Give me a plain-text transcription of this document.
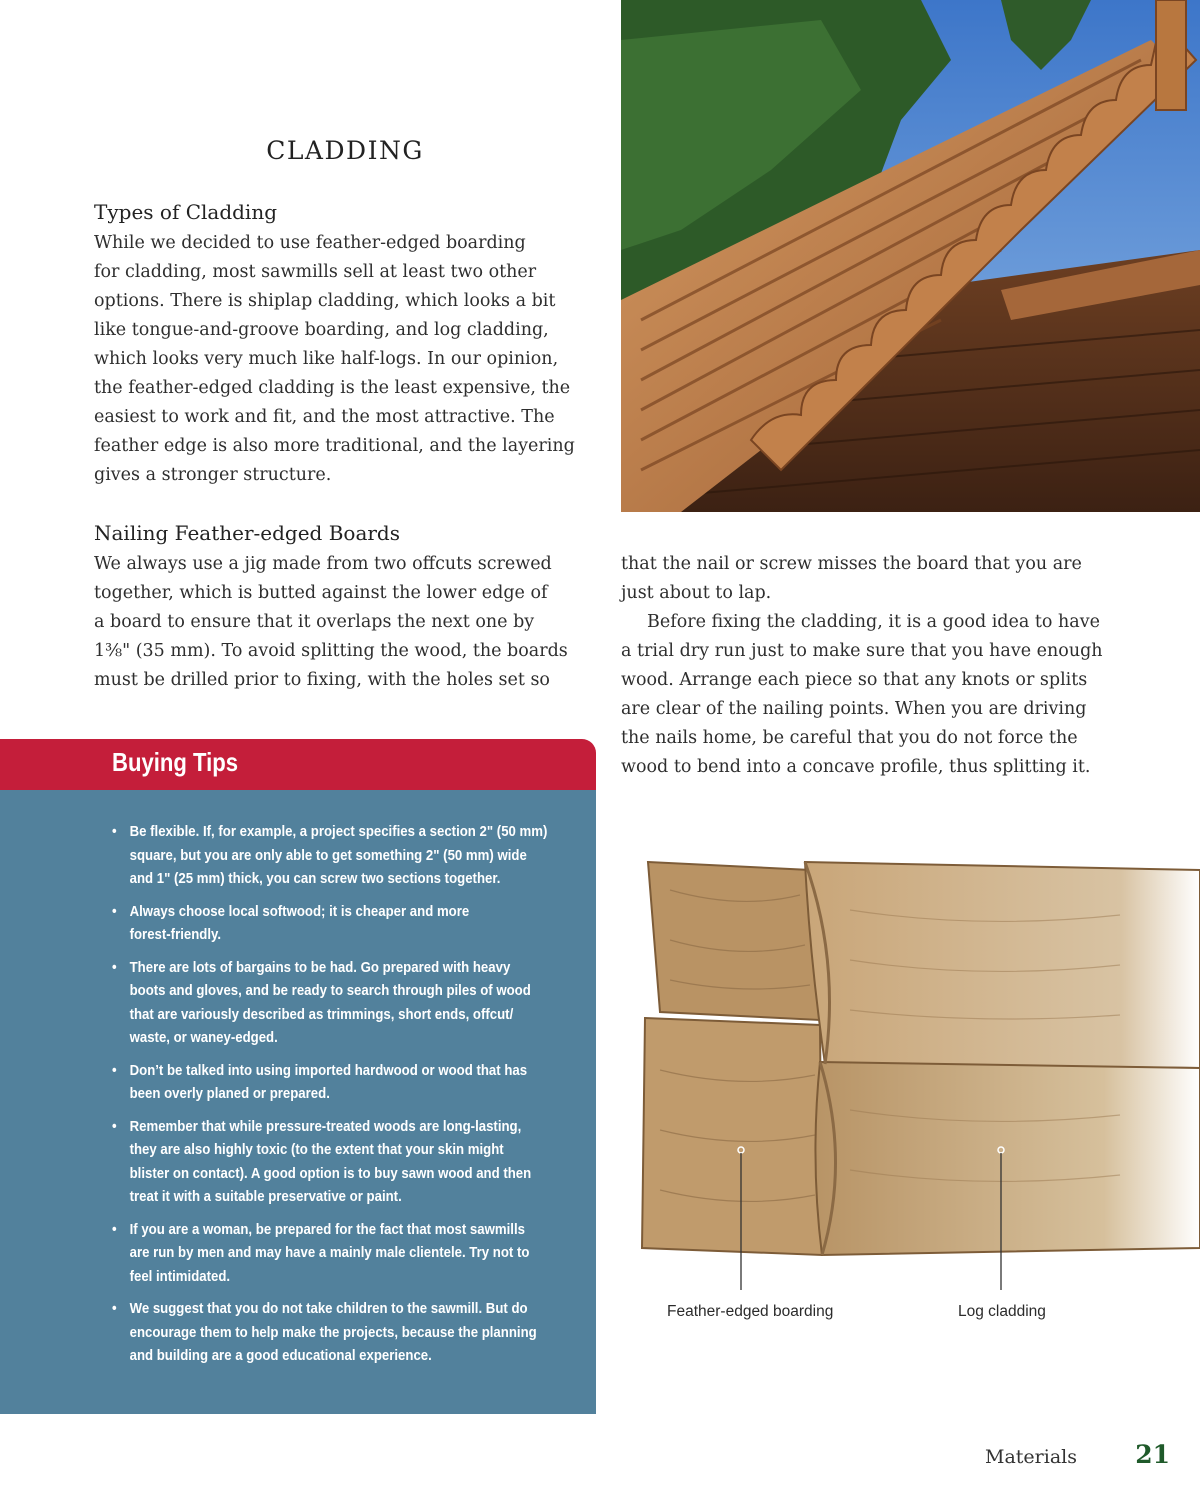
CLADDING
Types of Cladding
While we decided to use feather-edged boarding
for cladding, most sawmills sell at least two other
options. There is shiplap cladding, which looks a bit
like tongue-and-groove boarding, and log cladding,
which looks very much like half-logs. In our opinion,
the feather-edged cladding is the least expensive, the
easiest to work and fit, and the most attractive. The
feather edge is also more traditional, and the layering
gives a stronger structure.
Nailing Feather-edged Boards
We always use a jig made from two offcuts screwed
together, which is butted against the lower edge of
a board to ensure that it overlaps the next one by
1⅜" (35 mm). To avoid splitting the wood, the boards
must be drilled prior to fixing, with the holes set so
that the nail or screw misses the board that you are
just about to lap.
Before fixing the cladding, it is a good idea to have
a trial dry run just to make sure that you have enough
wood. Arrange each piece so that any knots or splits
are clear of the nailing points. When you are driving
the nails home, be careful that you do not force the
wood to bend into a concave profile, thus splitting it.
Buying Tips
• Be flexible. If, for example, a project specifies a section 2" (50 mm)
square, but you are only able to get something 2" (50 mm) wide
and 1" (25 mm) thick, you can screw two sections together.
• Always choose local softwood; it is cheaper and more
forest-friendly.
• There are lots of bargains to be had. Go prepared with heavy
boots and gloves, and be ready to search through piles of wood
that are variously described as trimmings, short ends, offcut/
waste, or waney-edged.
• Don’t be talked into using imported hardwood or wood that has
been overly planed or prepared.
• Remember that while pressure-treated woods are long-lasting,
they are also highly toxic (to the extent that your skin might
blister on contact). A good option is to buy sawn wood and then
treat it with a suitable preservative or paint.
• If you are a woman, be prepared for the fact that most sawmills
are run by men and may have a mainly male clientele. Try not to
feel intimidated.
• We suggest that you do not take children to the sawmill. But do
encourage them to help make the projects, because the planning
and building are a good educational experience.
Feather-edged boarding	Log cladding
Materials 21
